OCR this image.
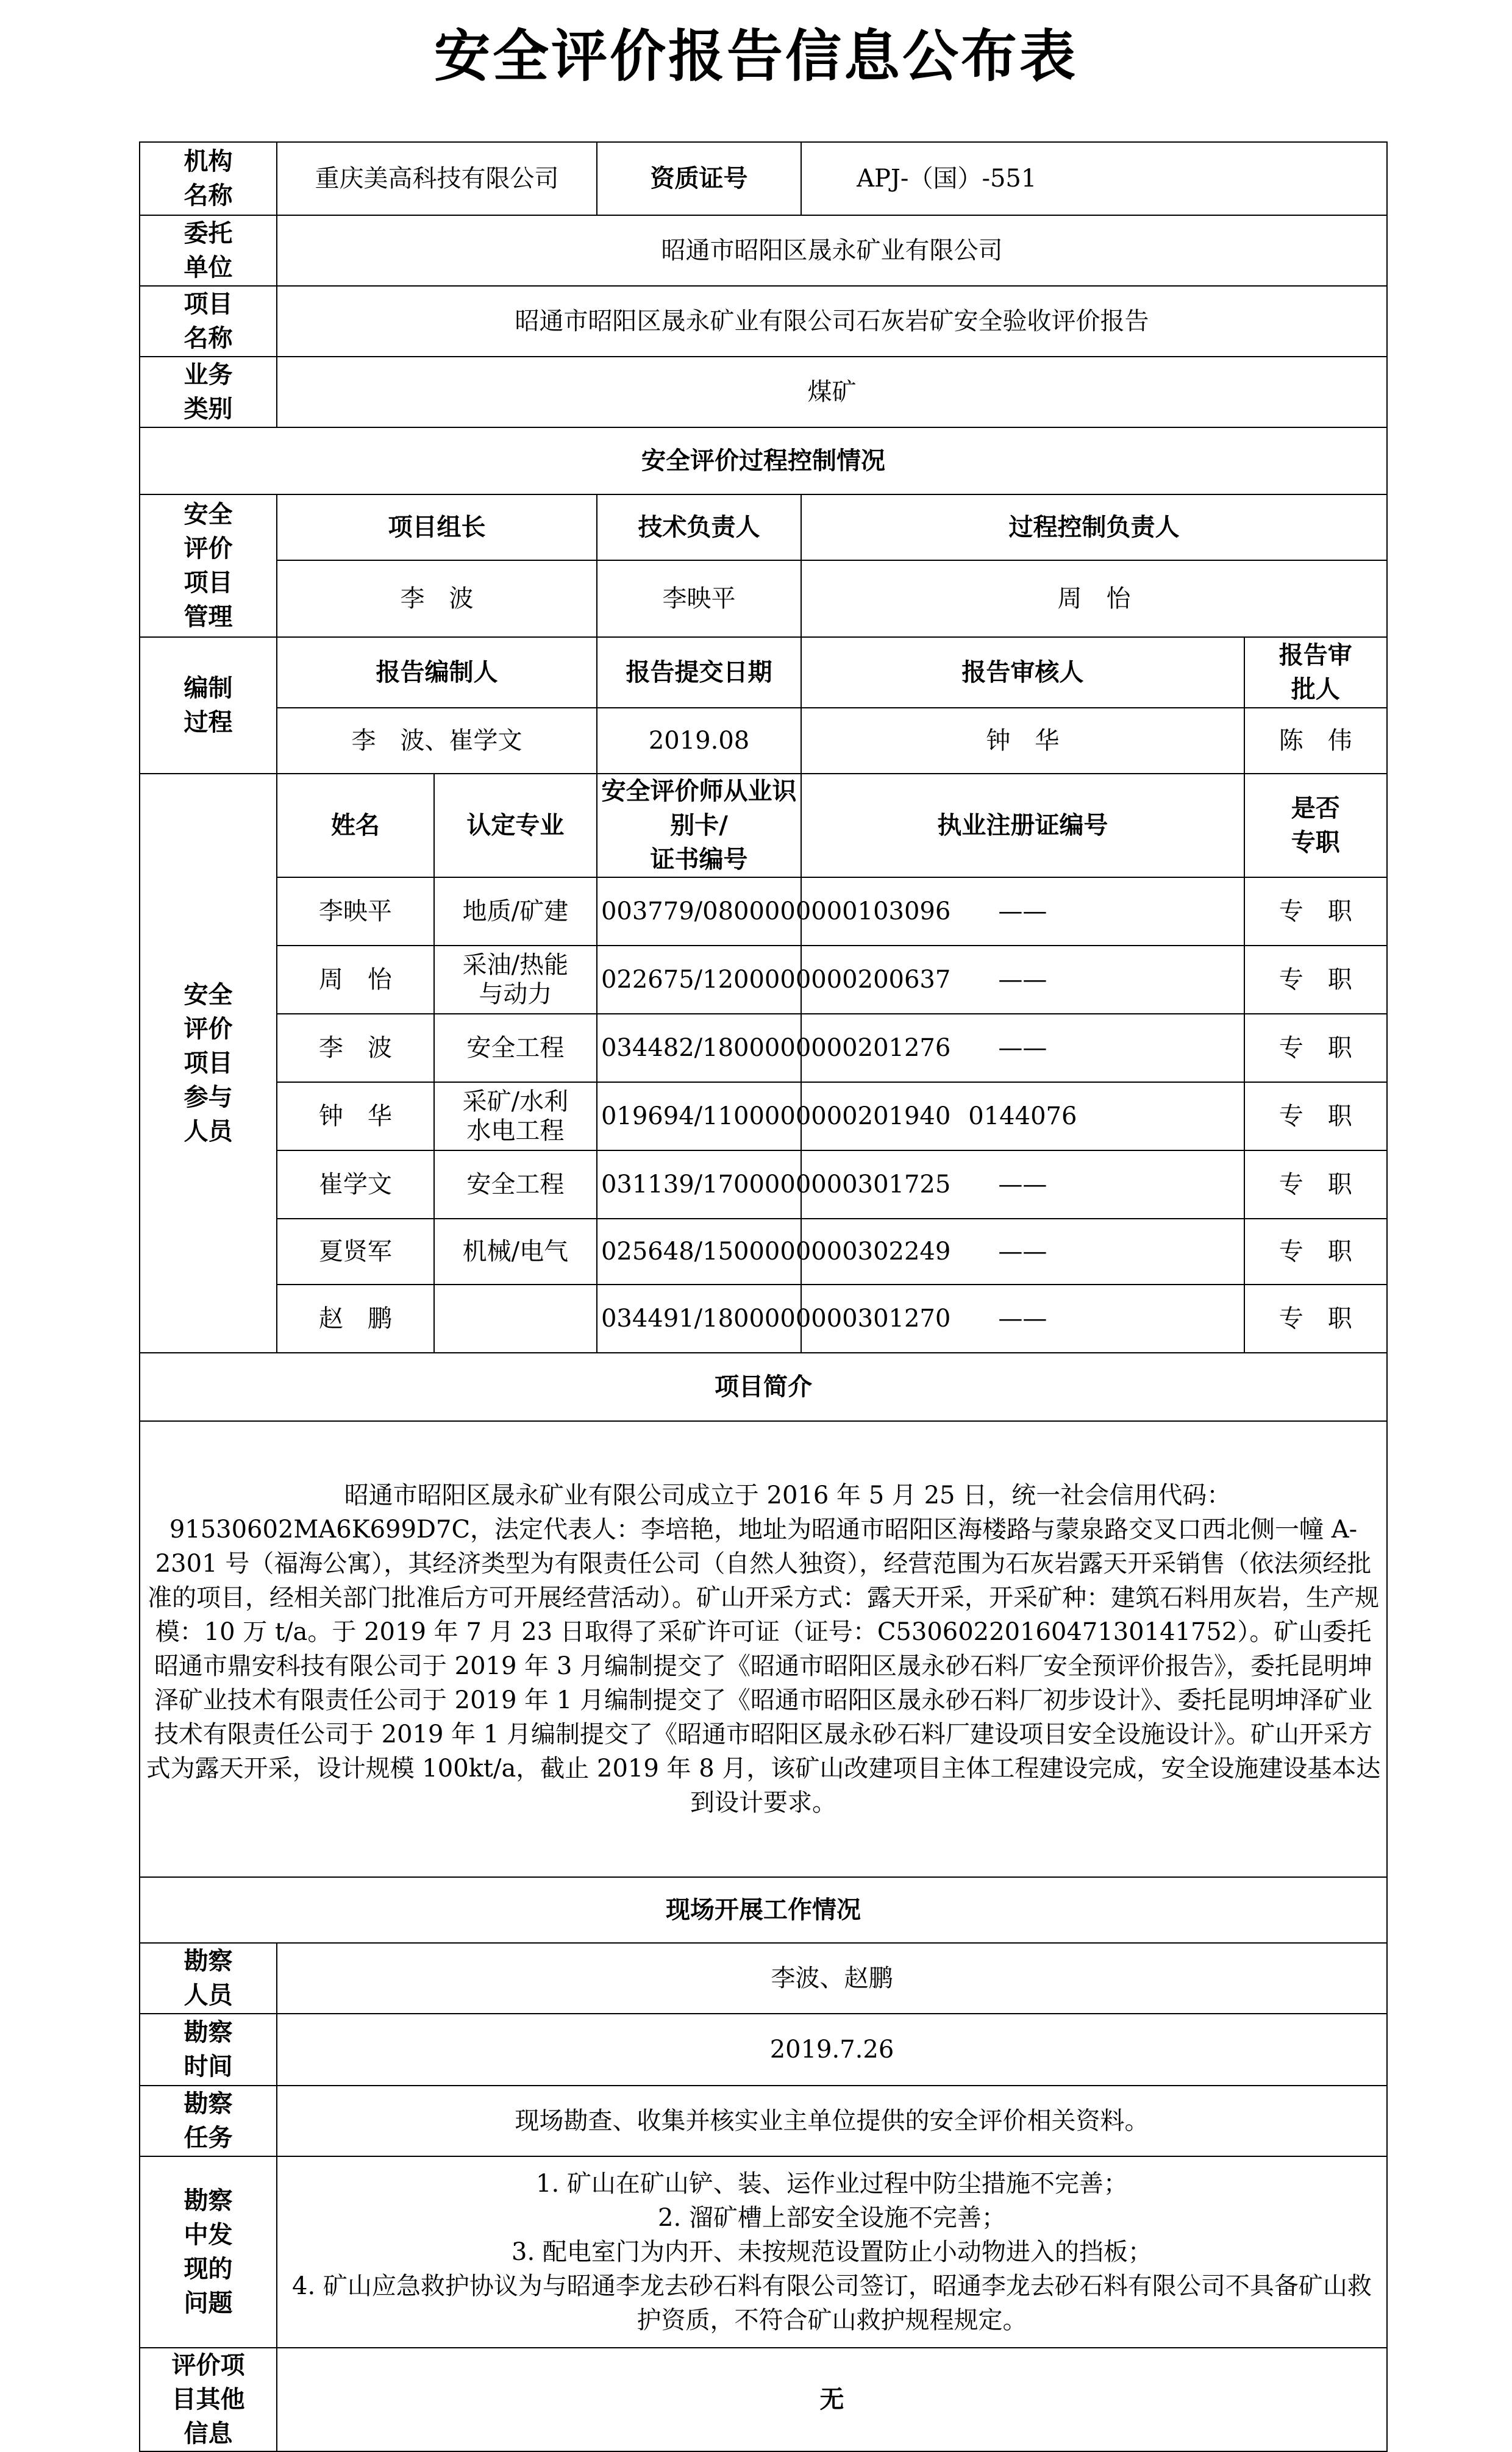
安全评价报告信息公布表
机构
名称	重庆美高科技有限公司		资质证号	APJ-（国）-551	

委托
单位	昭通市昭阳区晟永矿业有限公司				

项目
名称	昭通市昭阳区晟永矿业有限公司石灰岩矿安全验收评价报告				

业务
类别	煤矿				
安全评价过程控制情况					

安全
评价
项目
管理	项目组长		技术负责人	过程控制负责人	
	李　波		李映平	周　怡	

编制
过程	报告编制人		报告提交日期	报告审核人	报告审
批人

	李　波、崔学文		2019.08	钟　华	陈　伟

安全
评价
项目
参与
人员	姓名	认定专业	安全评价师从业识别卡/
证书编号	执业注册证编号	是否
专职

	李映平	地质/矿建	003779/0800000000103096	——	专　职
	周　怡	采油/热能
与动力	022675/1200000000200637	——	专　职
	李　波	安全工程	034482/1800000000201276	——	专　职
	钟　华	采矿/水利
水电工程	019694/1100000000201940	0144076	专　职
	崔学文	安全工程	031139/1700000000301725	——	专　职
	夏贤军	机械/电气	025648/1500000000302249	——	专　职
	赵　鹏		034491/1800000000301270	——	专　职
项目简介					

昭通市昭阳区晟永矿业有限公司成立于 2016 年 5 月 25 日，统一社会信用代码：91530602MA6K699D7C，法定代表人：李培艳，地址为昭通市昭阳区海楼路与蒙泉路交叉口西北侧一幢 A-2301 号（福海公寓），其经济类型为有限责任公司（自然人独资），经营范围为石灰岩露天开采销售（依法须经批准的项目，经相关部门批准后方可开展经营活动）。矿山开采方式：露天开采，开采矿种：建筑石料用灰岩，生产规模：10 万 t/a。于 2019 年 7 月 23 日取得了采矿许可证（证号：C5306022016047130141752）。矿山委托昭通市鼎安科技有限公司于 2019 年 3 月编制提交了《昭通市昭阳区晟永砂石料厂安全预评价报告》，委托昆明坤泽矿业技术有限责任公司于 2019 年 1 月编制提交了《昭通市昭阳区晟永砂石料厂初步设计》、委托昆明坤泽矿业技术有限责任公司于 2019 年 1 月编制提交了《昭通市昭阳区晟永砂石料厂建设项目安全设施设计》。矿山开采方式为露天开采，设计规模 100kt/a，截止 2019 年 8 月，该矿山改建项目主体工程建设完成，安全设施建设基本达到设计要求。					

现场开展工作情况					

勘察
人员	李波、赵鹏				

勘察
时间	2019.7.26				

勘察
任务	现场勘查、收集并核实业主单位提供的安全评价相关资料。				

勘察
中发
现的
问题	1. 矿山在矿山铲、装、运作业过程中防尘措施不完善；
2. 溜矿槽上部安全设施不完善；
3. 配电室门为内开、未按规范设置防止小动物进入的挡板；
4. 矿山应急救护协议为与昭通李龙去砂石料有限公司签订，昭通李龙去砂石料有限公司不具备矿山救护资质，不符合矿山救护规程规定。				

评价项
目其他
信息	无				
